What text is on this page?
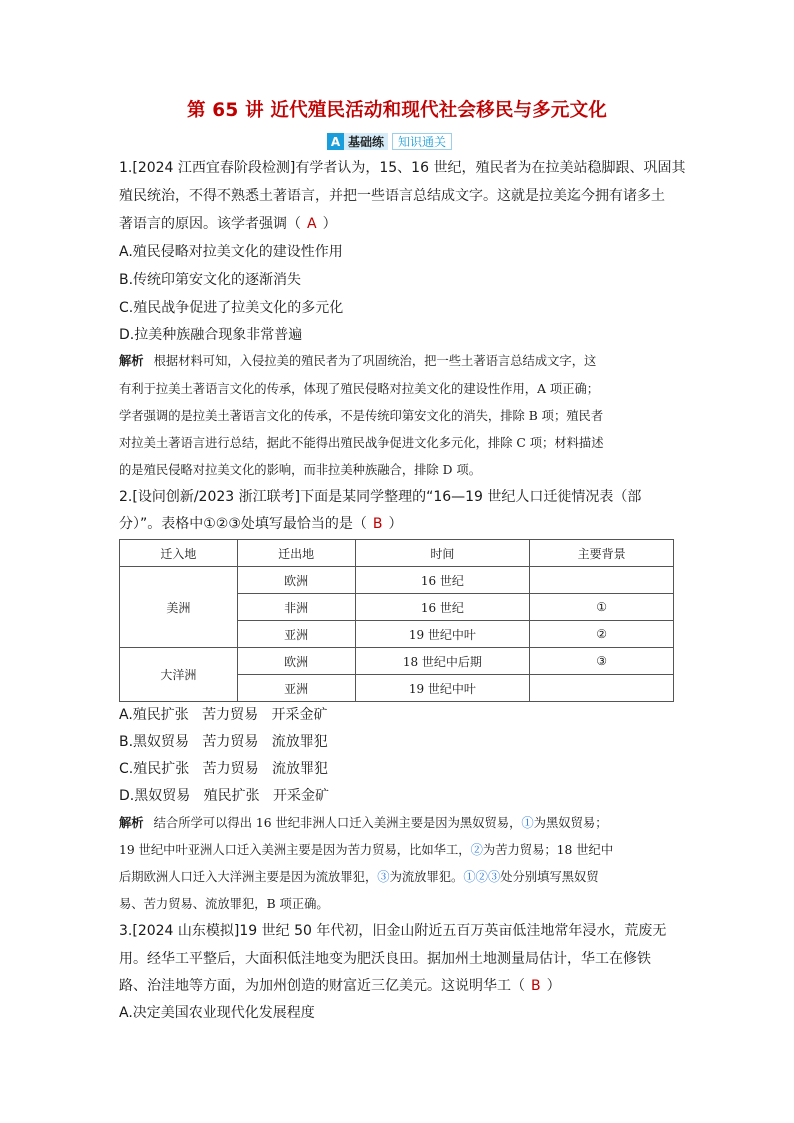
第 65 讲 近代殖民活动和现代社会移民与多元文化
A 基础练	知识通关
1.[2024 江西宜春阶段检测]有学者认为，15、16 世纪，殖民者为在拉美站稳脚跟、巩固其
殖民统治，不得不熟悉土著语言，并把一些语言总结成文字。这就是拉美迄今拥有诸多土
著语言的原因。该学者强调（ A ）
A.殖民侵略对拉美文化的建设性作用
B.传统印第安文化的逐渐消失
C.殖民战争促进了拉美文化的多元化
D.拉美种族融合现象非常普遍
解析 根据材料可知，入侵拉美的殖民者为了巩固统治，把一些土著语言总结成文字，这
有利于拉美土著语言文化的传承，体现了殖民侵略对拉美文化的建设性作用，A 项正确；
学者强调的是拉美土著语言文化的传承，不是传统印第安文化的消失，排除 B 项；殖民者
对拉美土著语言进行总结，据此不能得出殖民战争促进文化多元化，排除 C 项；材料描述
的是殖民侵略对拉美文化的影响，而非拉美种族融合，排除 D 项。
2.[设问创新/2023 浙江联考]下面是某同学整理的“16—19 世纪人口迁徙情况表（部
分）”。表格中①②③处填写最恰当的是（ B ）
迁入地	迁出地	时间	主要背景
美洲	欧洲	16 世纪	
	非洲	16 世纪	①
	亚洲	19 世纪中叶	②
大洋洲	欧洲	18 世纪中后期	③
	亚洲	19 世纪中叶	
A.殖民扩张 苦力贸易 开采金矿
B.黑奴贸易 苦力贸易 流放罪犯
C.殖民扩张 苦力贸易 流放罪犯
D.黑奴贸易 殖民扩张 开采金矿
解析 结合所学可以得出 16 世纪非洲人口迁入美洲主要是因为黑奴贸易，①为黑奴贸易；
19 世纪中叶亚洲人口迁入美洲主要是因为苦力贸易，比如华工，②为苦力贸易；18 世纪中
后期欧洲人口迁入大洋洲主要是因为流放罪犯，③为流放罪犯。①②③处分别填写黑奴贸
易、苦力贸易、流放罪犯，B 项正确。
3.[2024 山东模拟]19 世纪 50 年代初，旧金山附近五百万英亩低洼地常年浸水，荒废无
用。经华工平整后，大面积低洼地变为肥沃良田。据加州土地测量局估计，华工在修铁
路、治洼地等方面，为加州创造的财富近三亿美元。这说明华工（ B ）
A.决定美国农业现代化发展程度
